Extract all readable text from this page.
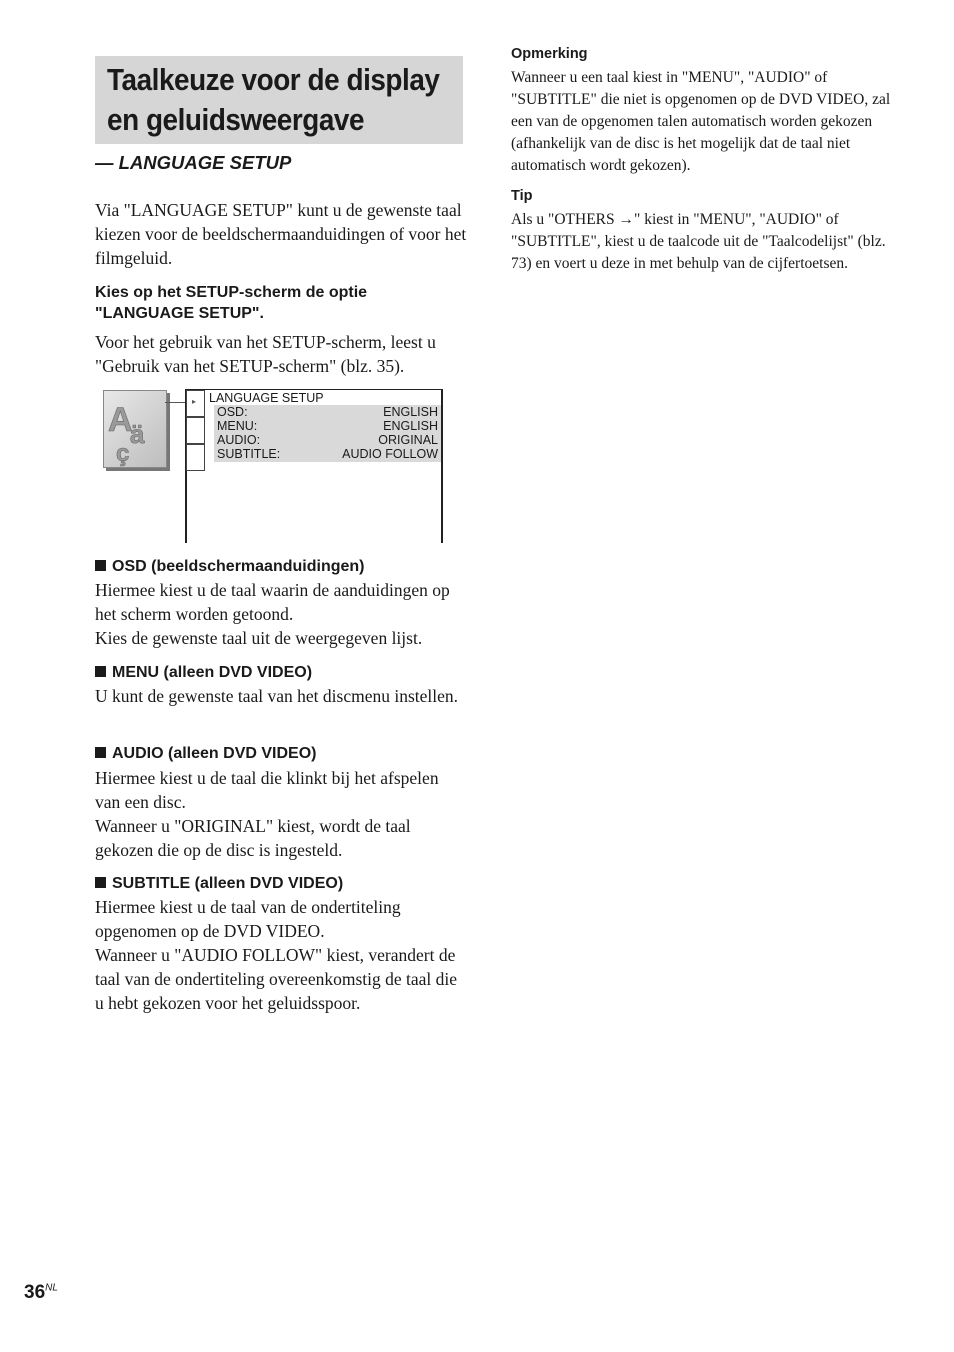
Taalkeuze voor de display
en geluidsweergave
— LANGUAGE SETUP

Via "LANGUAGE SETUP" kunt u de gewenste taal kiezen voor de beeldschermaanduidingen of voor het filmgeluid.

Kies op het SETUP-scherm de optie "LANGUAGE SETUP".

Voor het gebruik van het SETUP-scherm, leest u "Gebruik van het SETUP-scherm" (blz. 35).

A
ä
ç
▸ LANGUAGE SETUP
OSD:	ENGLISH
MENU:	ENGLISH
AUDIO:	ORIGINAL
SUBTITLE:	AUDIO FOLLOW

OSD (beeldschermaanduidingen)

Hiermee kiest u de taal waarin de aanduidingen op het scherm worden getoond.
Kies de gewenste taal uit de weergegeven lijst.

MENU (alleen DVD VIDEO)

U kunt de gewenste taal van het discmenu instellen.

AUDIO (alleen DVD VIDEO)

Hiermee kiest u de taal die klinkt bij het afspelen van een disc.
Wanneer u "ORIGINAL" kiest, wordt de taal gekozen die op de disc is ingesteld.

SUBTITLE (alleen DVD VIDEO)

Hiermee kiest u de taal van de ondertiteling opgenomen op de DVD VIDEO.
Wanneer u "AUDIO FOLLOW" kiest, verandert de taal van de ondertiteling overeenkomstig de taal die u hebt gekozen voor het geluidsspoor.

Opmerking

Wanneer u een taal kiest in "MENU", "AUDIO" of "SUBTITLE" die niet is opgenomen op de DVD VIDEO, zal een van de opgenomen talen automatisch worden gekozen (afhankelijk van de disc is het mogelijk dat de taal niet automatisch wordt gekozen).

Tip

Als u "OTHERS →" kiest in "MENU", "AUDIO" of "SUBTITLE", kiest u de taalcode uit de "Taalcodelijst" (blz. 73) en voert u deze in met behulp van de cijfertoetsen.

$36^{NL}$
